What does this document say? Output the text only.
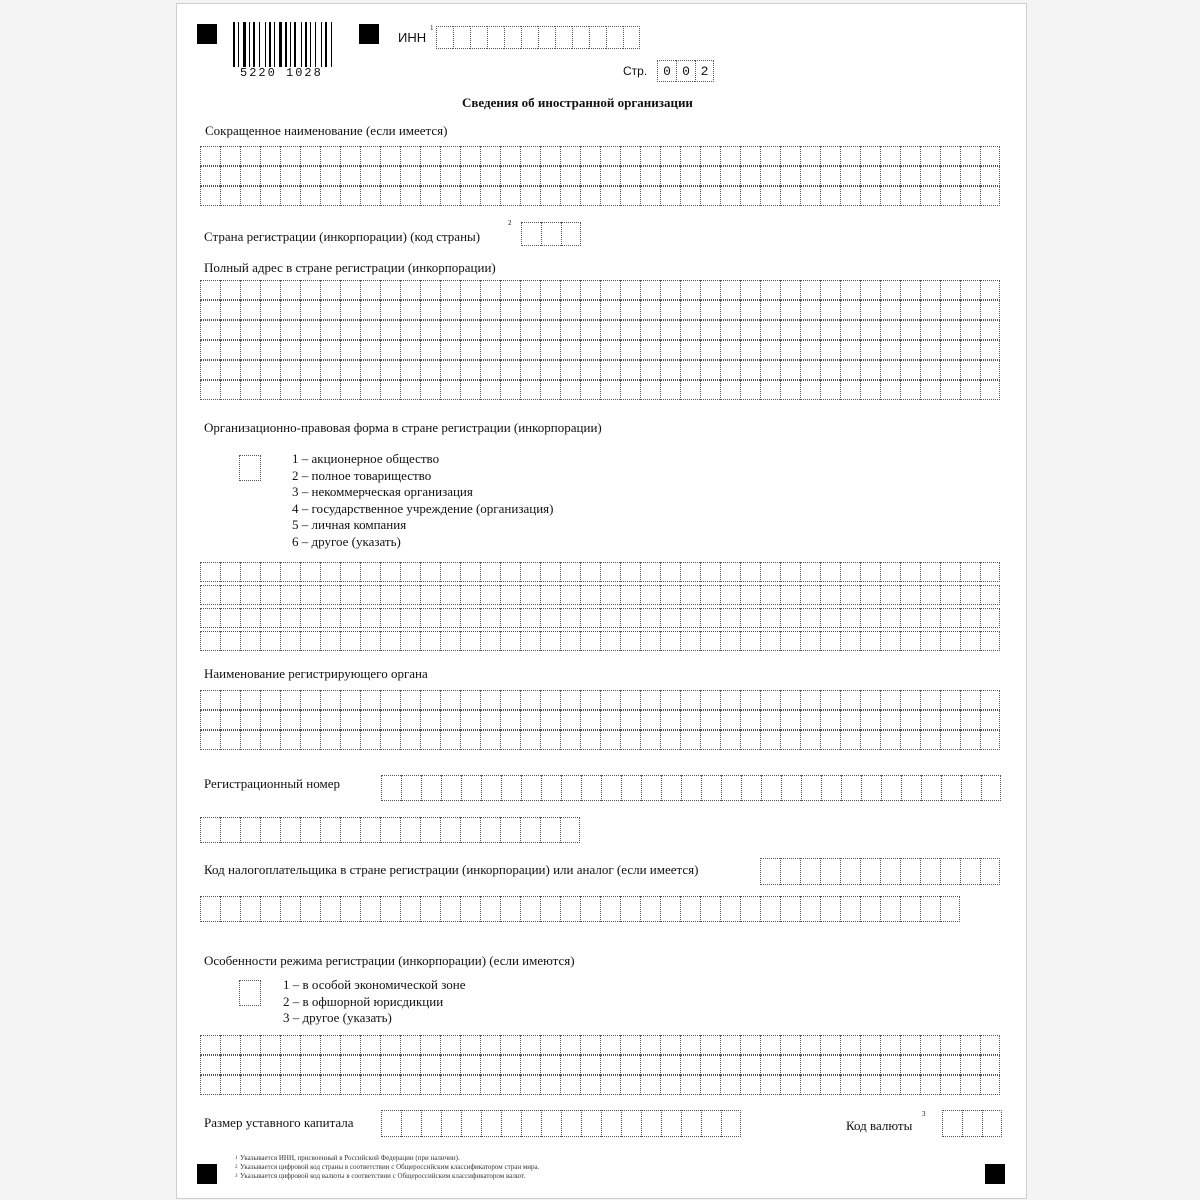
5220 1028
ИНН
1
Стр.	0 0 2
Сведения об иностранной организации
Сокращенное наименование (если имеется)
Страна регистрации (инкорпорации) (код страны)
2
Полный адрес в стране регистрации (инкорпорации)
Организационно-правовая форма в стране регистрации (инкорпорации)
1 – акционерное общество
2 – полное товарищество
3 – некоммерческая организация
4 – государственное учреждение (организация)
5 – личная компания
6 – другое (указать)
Наименование регистрирующего органа
Регистрационный номер
Код налогоплательщика в стране регистрации (инкорпорации) или аналог (если имеется)
Особенности режима регистрации (инкорпорации) (если имеются)
1 – в особой экономической зоне
2 – в офшорной юрисдикции
3 – другое (указать)
Размер уставного капитала	Код валюты
3
1 Указывается ИНН, присвоенный в Российской Федерации (при наличии).
2 Указывается цифровой код страны в соответствии с Общероссийским классификатором стран мира.
3 Указывается цифровой код валюты в соответствии с Общероссийским классификатором валют.
